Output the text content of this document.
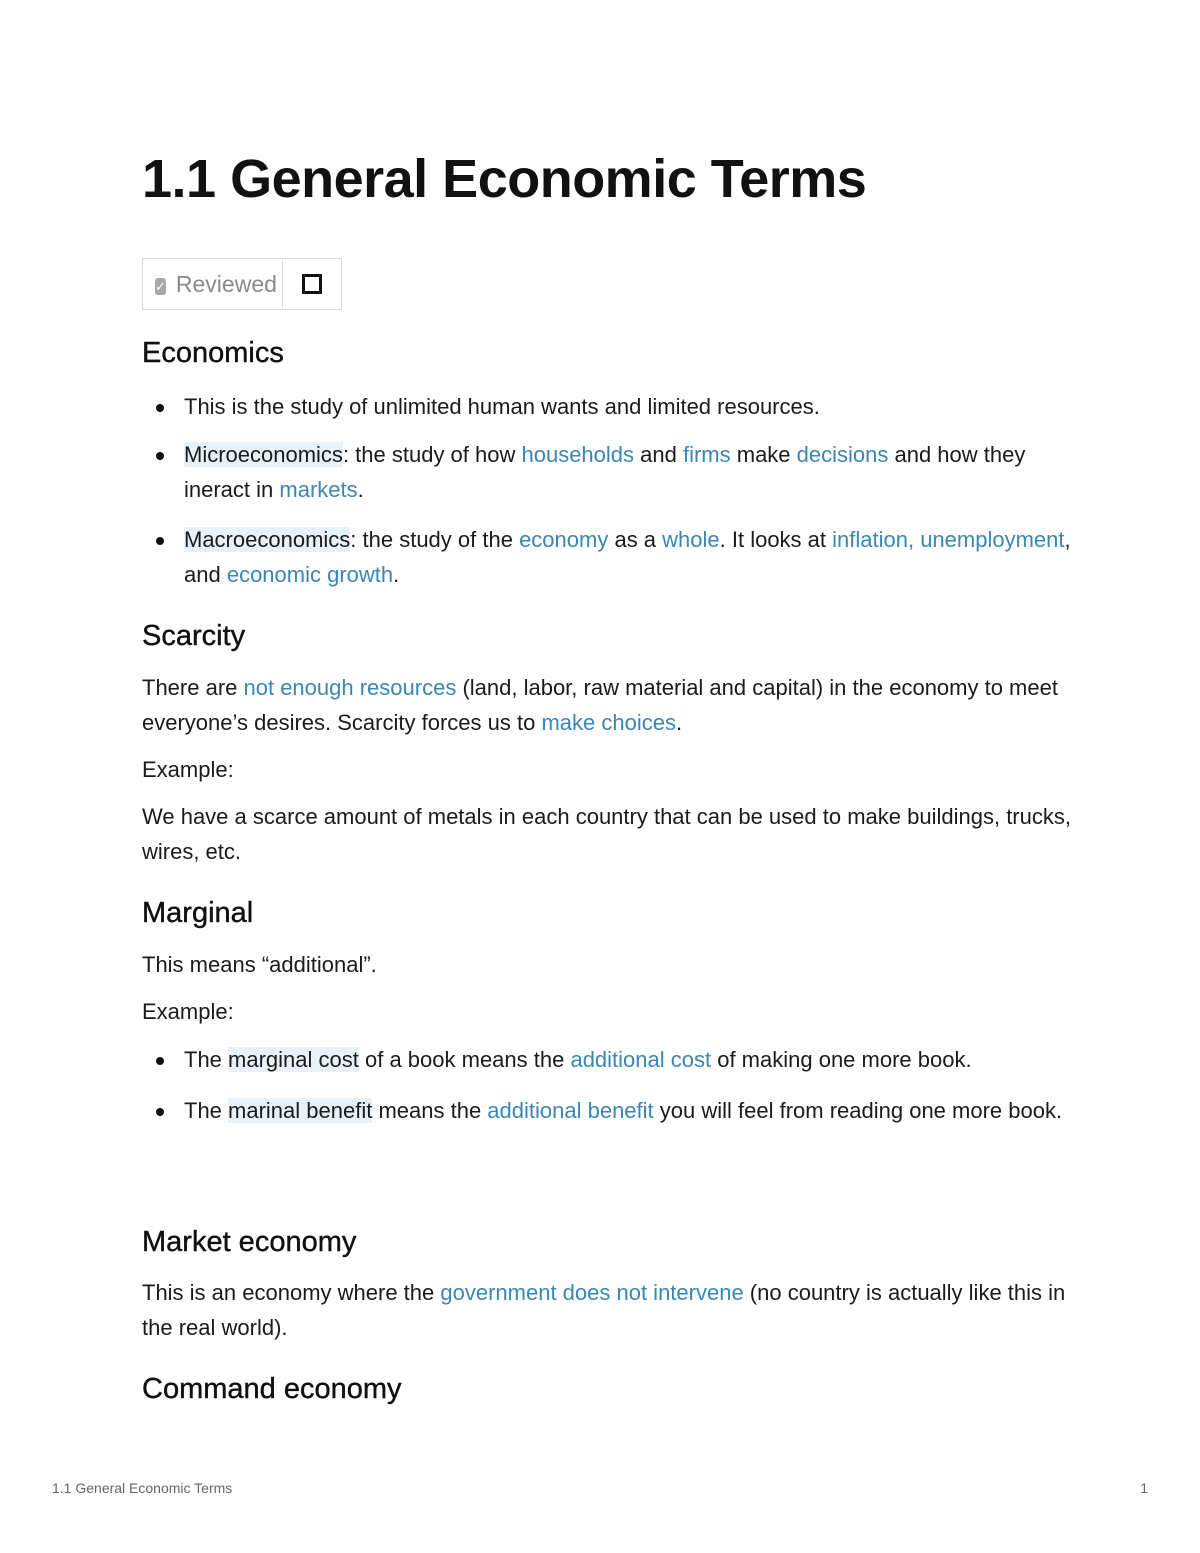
1.1 General Economic Terms
✓ Reviewed
Economics
This is the study of unlimited human wants and limited resources.
Microeconomics: the study of how households and firms make decisions and how they ineract in markets.
Macroeconomics: the study of the economy as a whole. It looks at inflation, unemployment, and economic growth.
Scarcity

There are not enough resources (land, labor, raw material and capital) in the economy to meet everyone’s desires. Scarcity forces us to make choices.

Example:

We have a scarce amount of metals in each country that can be used to make buildings, trucks, wires, etc.

Marginal

This means “additional”.

Example:

The marginal cost of a book means the additional cost of making one more book.
The marinal benefit means the additional benefit you will feel from reading one more book.
Market economy

This is an economy where the government does not intervene (no country is actually like this in the real world).

Command economy
1.1 General Economic Terms	1
